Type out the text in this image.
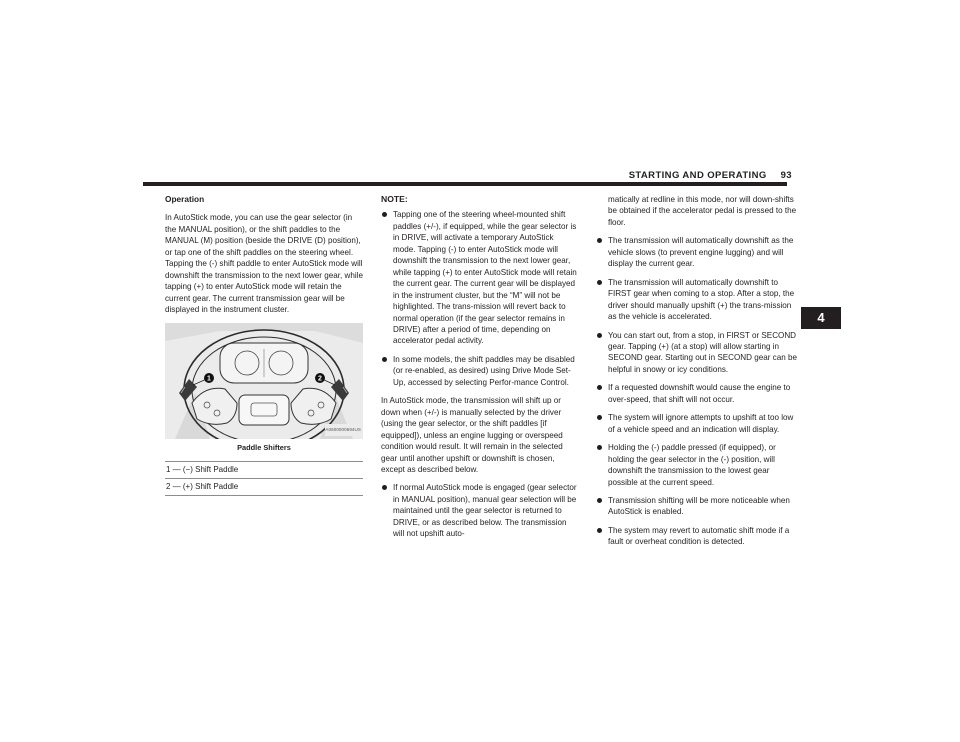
STARTING AND OPERATING 93
4

Operation

In AutoStick mode, you can use the gear selector (in the MANUAL position), or the shift paddles to the MANUAL (M) position (beside the DRIVE (D) position), or tap one of the shift paddles on the steering wheel. Tapping the (-) shift paddle to enter AutoStick mode will downshift the transmission to the next lower gear, while tapping (+) to enter AutoStick mode will retain the current gear. The current transmission gear will be displayed in the instrument cluster.

1	2
A0600000694US

Paddle Shifters

1 — (−) Shift Paddle
2 — (+) Shift Paddle

NOTE:

Tapping one of the steering wheel-mounted shift paddles (+/-), if equipped, while the gear selector is in DRIVE, will activate a temporary AutoStick mode. Tapping (-) to enter AutoStick mode will downshift the transmission to the next lower gear, while tapping (+) to enter AutoStick mode will retain the current gear. The current gear will be displayed in the instrument cluster, but the “M” will not be highlighted. The trans-mission will revert back to normal operation (if the gear selector remains in DRIVE) after a period of time, depending on accelerator pedal activity.
In some models, the shift paddles may be disabled (or re-enabled, as desired) using Drive Mode Set-Up, accessed by selecting Perfor-mance Control.

In AutoStick mode, the transmission will shift up or down when (+/-) is manually selected by the driver (using the gear selector, or the shift paddles [if equipped]), unless an engine lugging or overspeed condition would result. It will remain in the selected gear until another upshift or downshift is chosen, except as described below.

If normal AutoStick mode is engaged (gear selector in MANUAL position), manual gear selection will be maintained until the gear selector is returned to DRIVE, or as described below. The transmission will not upshift auto-
matically at redline in this mode, nor will down-shifts be obtained if the accelerator pedal is pressed to the floor.
The transmission will automatically downshift as the vehicle slows (to prevent engine lugging) and will display the current gear.
The transmission will automatically downshift to FIRST gear when coming to a stop. After a stop, the driver should manually upshift (+) the trans-mission as the vehicle is accelerated.
You can start out, from a stop, in FIRST or SECOND gear. Tapping (+) (at a stop) will allow starting in SECOND gear. Starting out in SECOND gear can be helpful in snowy or icy conditions.
If a requested downshift would cause the engine to over-speed, that shift will not occur.
The system will ignore attempts to upshift at too low of a vehicle speed and an indication will display.
Holding the (-) paddle pressed (if equipped), or holding the gear selector in the (-) position, will downshift the transmission to the lowest gear possible at the current speed.
Transmission shifting will be more noticeable when AutoStick is enabled.
The system may revert to automatic shift mode if a fault or overheat condition is detected.
